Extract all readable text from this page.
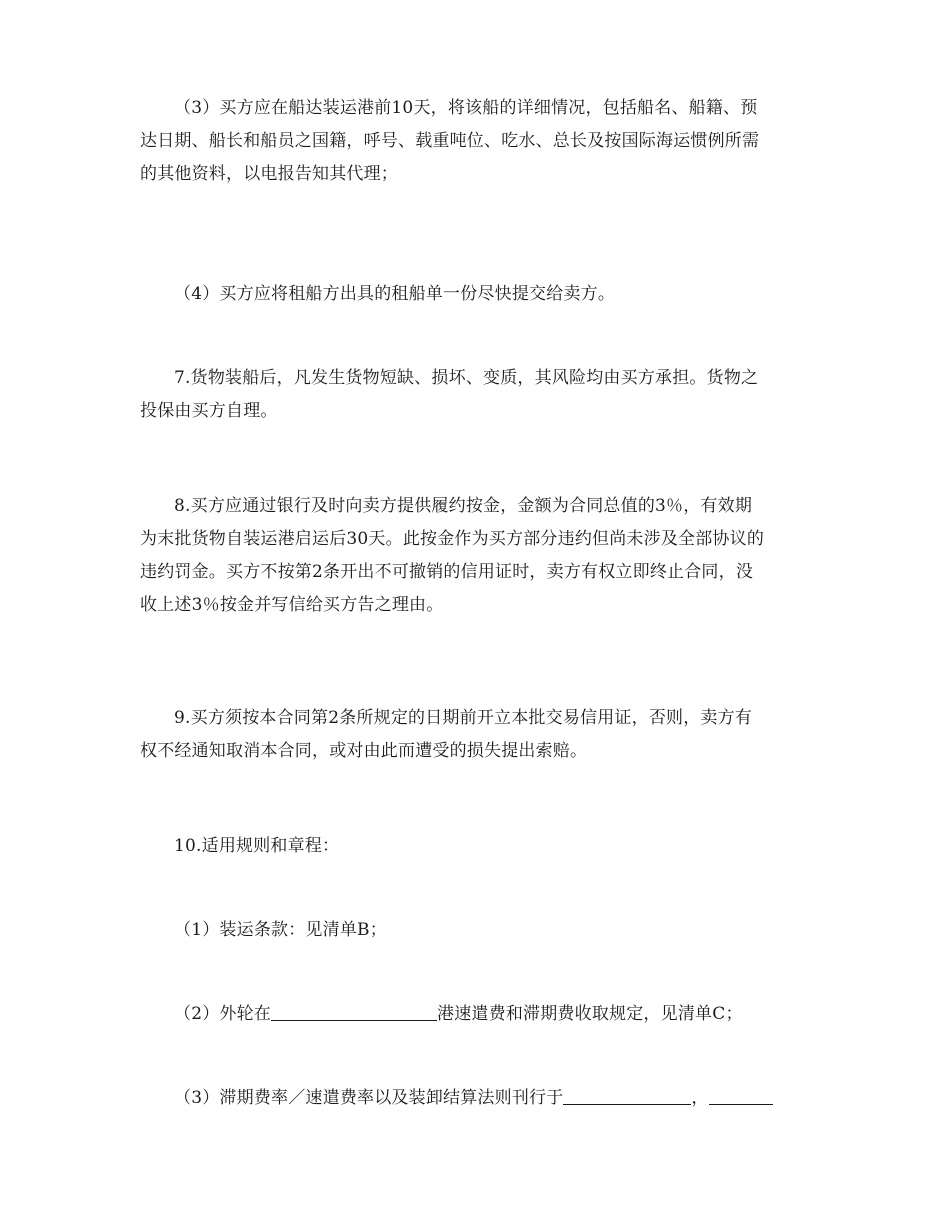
（3）买方应在船达装运港前10天，将该船的详细情况，包括船名、船籍、预
达日期、船长和船员之国籍，呼号、载重吨位、吃水、总长及按国际海运惯例所需
的其他资料，以电报告知其代理；

（4）买方应将租船方出具的租船单一份尽快提交给卖方。

7.货物装船后，凡发生货物短缺、损坏、变质，其风险均由买方承担。货物之
投保由买方自理。

8.买方应通过银行及时向卖方提供履约按金，金额为合同总值的3％，有效期
为末批货物自装运港启运后30天。此按金作为买方部分违约但尚未涉及全部协议的
违约罚金。买方不按第2条开出不可撤销的信用证时，卖方有权立即终止合同，没
收上述3％按金并写信给买方告之理由。

9.买方须按本合同第2条所规定的日期前开立本批交易信用证，否则，卖方有
权不经通知取消本合同，或对由此而遭受的损失提出索赔。

10.适用规则和章程：

（1）装运条款：见清单B；

（2）外轮在	港速遣费和滞期费收取规定，见清单C；

（3）滞期费率／速遣费率以及装卸结算法则刊行于	，
